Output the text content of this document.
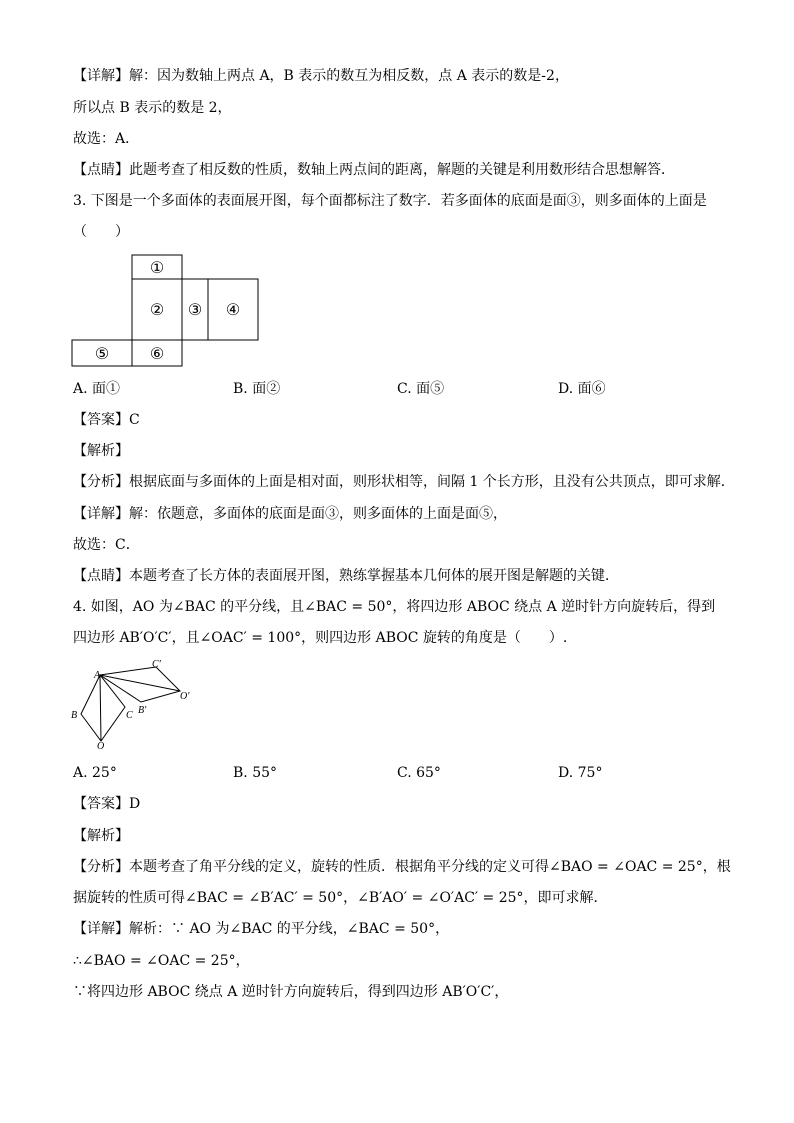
【详解】解：因为数轴上两点 A，B 表示的数互为相反数，点 A 表示的数是-2，
所以点 B 表示的数是 2，
故选：A．
【点睛】此题考查了相反数的性质，数轴上两点间的距离，解题的关键是利用数形结合思想解答．
3. 下图是一个多面体的表面展开图，每个面都标注了数字．若多面体的底面是面③，则多面体的上面是
（　　）
①
② ③ ④
⑤	⑥
A. 面①	B. 面②	C. 面⑤	D. 面⑥
【答案】C
【解析】
【分析】根据底面与多面体的上面是相对面，则形状相等，间隔 1 个长方形，且没有公共顶点，即可求解．
【详解】解：依题意，多面体的底面是面③，则多面体的上面是面⑤，
故选：C．
【点睛】本题考查了长方体的表面展开图，熟练掌握基本几何体的展开图是解题的关键．
4. 如图，AO 为∠BAC 的平分线，且∠BAC = 50°，将四边形 ABOC 绕点 A 逆时针方向旋转后，得到
四边形 AB′O′C′，且∠OAC′ = 100°，则四边形 ABOC 旋转的角度是（　　）.
A
B	C
O
B′
C′
O′
A. 25°	B. 55°	C. 65°	D. 75°
【答案】D
【解析】
【分析】本题考查了角平分线的定义，旋转的性质．根据角平分线的定义可得∠BAO = ∠OAC = 25°，根
据旋转的性质可得∠BAC = ∠B′AC′ = 50°，∠B′AO′ = ∠O′AC′ = 25°，即可求解．
【详解】解析：∵ AO 为∠BAC 的平分线，∠BAC = 50°，
∴∠BAO = ∠OAC = 25°，
∵将四边形 ABOC 绕点 A 逆时针方向旋转后，得到四边形 AB′O′C′，
